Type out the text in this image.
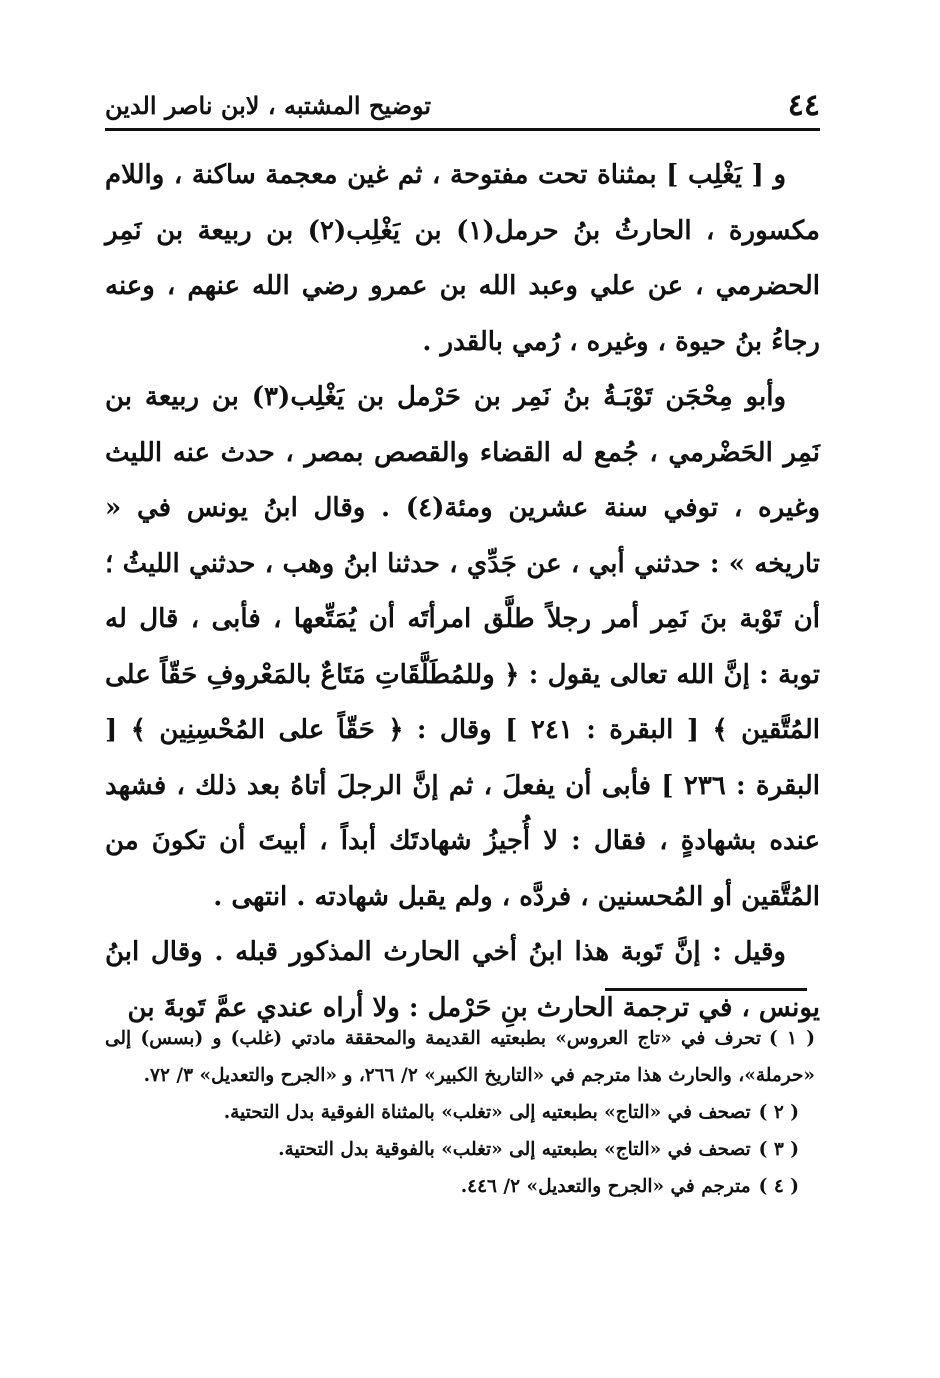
٤٤
توضيح المشتبه ، لابن ناصر الدين

و [ يَغْلِب ] بمثناة تحت مفتوحة ، ثم غين معجمة ساكنة ، واللام مكسورة ، الحارثُ بنُ حرمل(١) بن يَغْلِب(٢) بن ربيعة بن نَمِر الحضرمي ، عن علي وعبد الله بن عمرو رضي الله عنهم ، وعنه رجاءُ بنُ حيوة ، وغيره ، رُمي بالقدر .

وأبو مِحْجَن تَوْبَـةُ بنُ نَمِر بن حَرْمل بن يَغْلِب(٣) بن ربيعة بن نَمِر الحَضْرمي ، جُمع له القضاء والقصص بمصر ، حدث عنه الليث وغيره ، توفي سنة عشرين ومئة(٤) . وقال ابنُ يونس في « تاريخه » : حدثني أبي ، عن جَدِّي ، حدثنا ابنُ وهب ، حدثني الليثُ ؛ أن تَوْبة بنَ نَمِر أمر رجلاً طلَّق امرأتَه أن يُمَتِّعها ، فأبى ، قال له توبة : إنَّ الله تعالى يقول : ﴿ وللمُطَلَّقَاتِ مَتَاعٌ بالمَعْروفِ حَقّاً على المُتَّقين ﴾ [ البقرة : ٢٤١ ] وقال : ﴿ حَقّاً على المُحْسِنِين ﴾ [ البقرة : ٢٣٦ ] فأبى أن يفعلَ ، ثم إنَّ الرجلَ أتاهُ بعد ذلك ، فشهد عنده بشهادةٍ ، فقال : لا أُجيزُ شهادتَك أبداً ، أبيتَ أن تكونَ من المُتَّقين أو المُحسنين ، فردَّه ، ولم يقبل شهادته . انتهى .

وقيل : إنَّ تَوبة هذا ابنُ أخي الحارث المذكور قبله . وقال ابنُ يونس ، في ترجمة الحارث بنِ حَرْمل : ولا أراه عندي عمَّ تَوبةَ بن

( ١ )تحرف في «تاج العروس» بطبعتيه القديمة والمحققة مادتي (غلب) و (بسس) إلى «حرملة»، والحارث هذا مترجم في «التاريخ الكبير» ٢/ ٢٦٦، و «الجرح والتعديل» ٣/ ٧٢.

( ٢ )تصحف في «التاج» بطبعتيه إلى «تغلب» بالمثناة الفوقية بدل التحتية.

( ٣ )تصحف في «التاج» بطبعتيه إلى «تغلب» بالفوقية بدل التحتية.

( ٤ )مترجم في «الجرح والتعديل» ٢/ ٤٤٦.
